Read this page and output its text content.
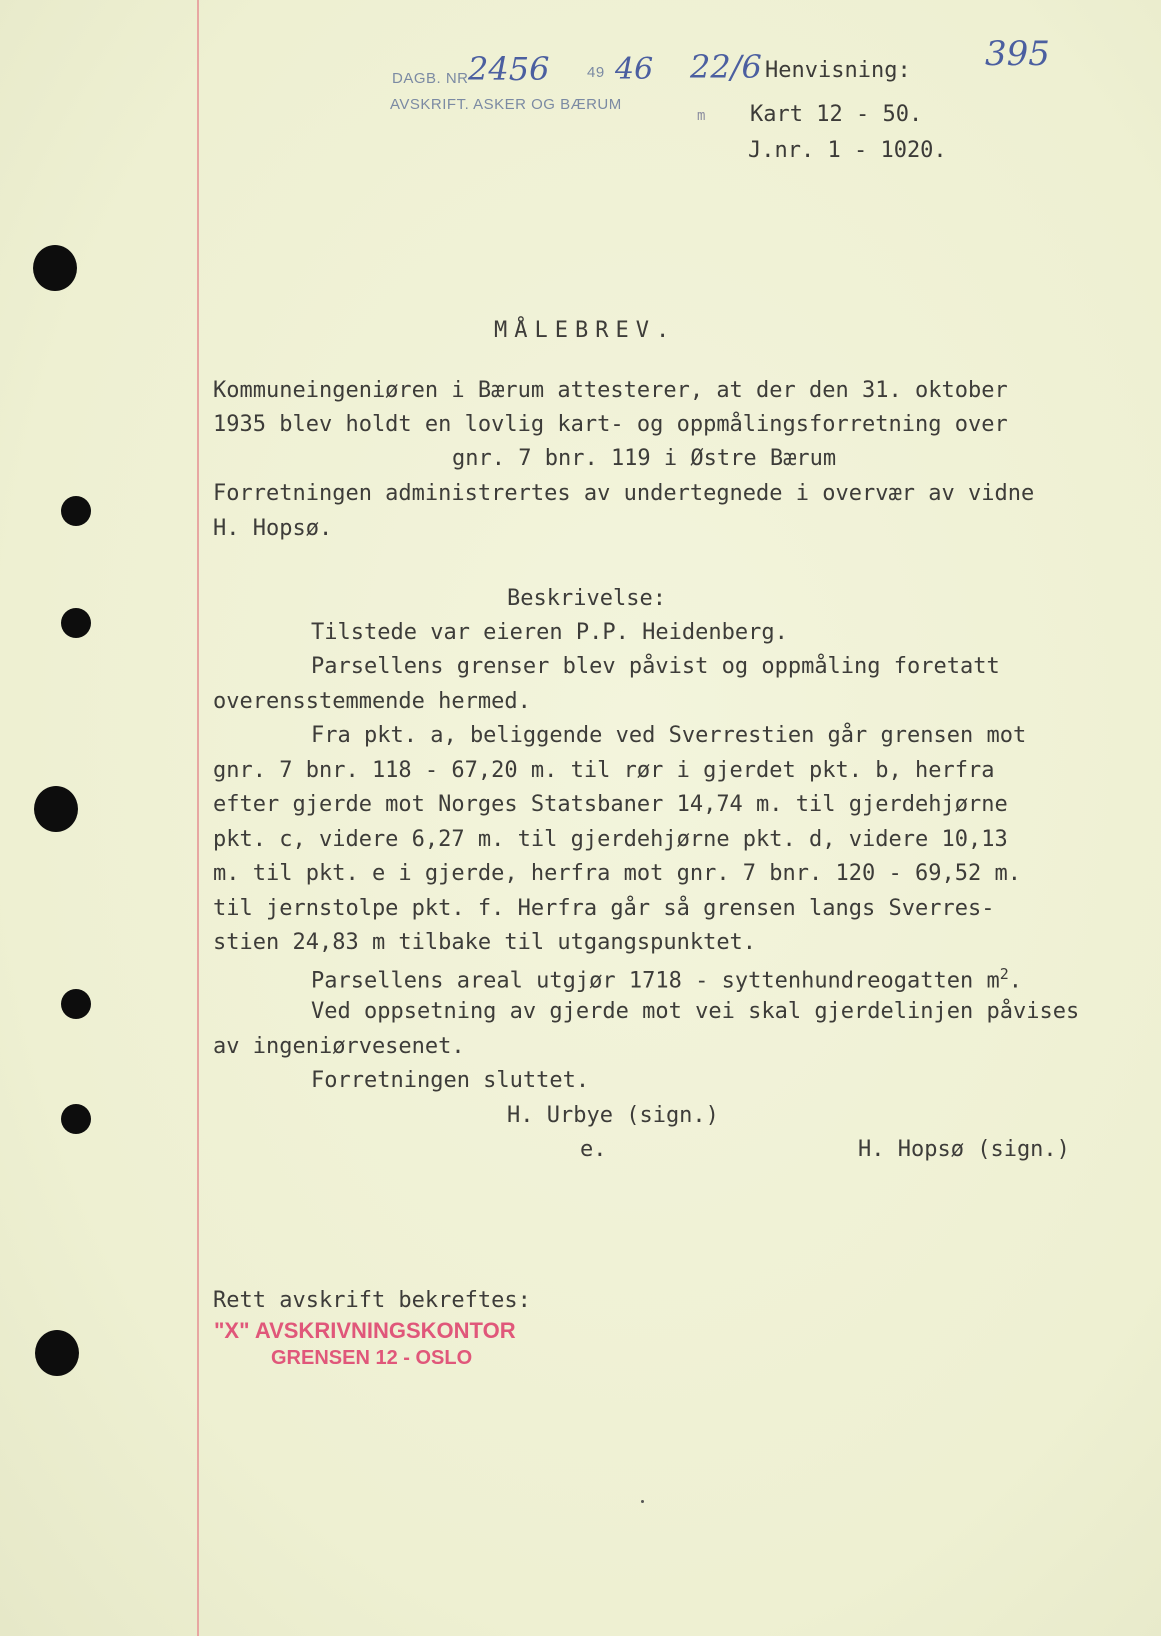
DAGB. NR 2456	49 46 22/6
AVSKRIFT. ASKER OG BÆRUM
395
Henvisning:
m Kart 12 - 50.
J.nr. 1 - 1020.
MÅLEBREV.
Kommuneingeniøren i Bærum attesterer, at der den 31. oktober
1935 blev holdt en lovlig kart- og oppmålingsforretning over
gnr. 7 bnr. 119 i Østre Bærum
Forretningen administrertes av undertegnede i overvær av vidne
H. Hopsø.
Beskrivelse:
Tilstede var eieren P.P. Heidenberg.
Parsellens grenser blev påvist og oppmåling foretatt
overensstemmende hermed.
Fra pkt. a, beliggende ved Sverrestien går grensen mot
gnr. 7 bnr. 118 - 67,20 m. til rør i gjerdet pkt. b, herfra
efter gjerde mot Norges Statsbaner 14,74 m. til gjerdehjørne
pkt. c, videre 6,27 m. til gjerdehjørne pkt. d, videre 10,13
m. til pkt. e i gjerde, herfra mot gnr. 7 bnr. 120 - 69,52 m.
til jernstolpe pkt. f. Herfra går så grensen langs Sverres-
stien 24,83 m tilbake til utgangspunktet.
Parsellens areal utgjør 1718 - syttenhundreogatten $m^2$.
Ved oppsetning av gjerde mot vei skal gjerdelinjen påvises
av ingeniørvesenet.
Forretningen sluttet.
H. Urbye (sign.)
e.	H. Hopsø (sign.)
Rett avskrift bekreftes:
"X" AVSKRIVNINGSKONTOR
GRENSEN 12 - OSLO
